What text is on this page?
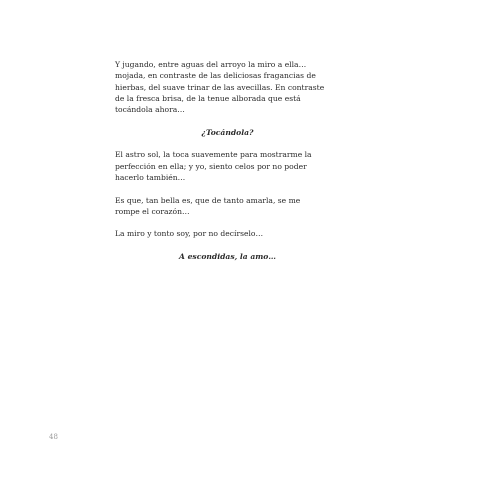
Y jugando, entre aguas del arroyo la miro a ella…
mojada, en contraste de las deliciosas fragancias de
hierbas, del suave trinar de las avecillas. En contraste
de la fresca brisa, de la tenue alborada que está
tocándola ahora…

¿Tocándola?

El astro sol, la toca suavemente para mostrarme la
perfección en ella; y yo, siento celos por no poder
hacerlo también…

Es que, tan bella es, que de tanto amarla, se me
rompe el corazón…

La miro y tonto soy, por no decírselo…

A escondidas, la amo…

48
